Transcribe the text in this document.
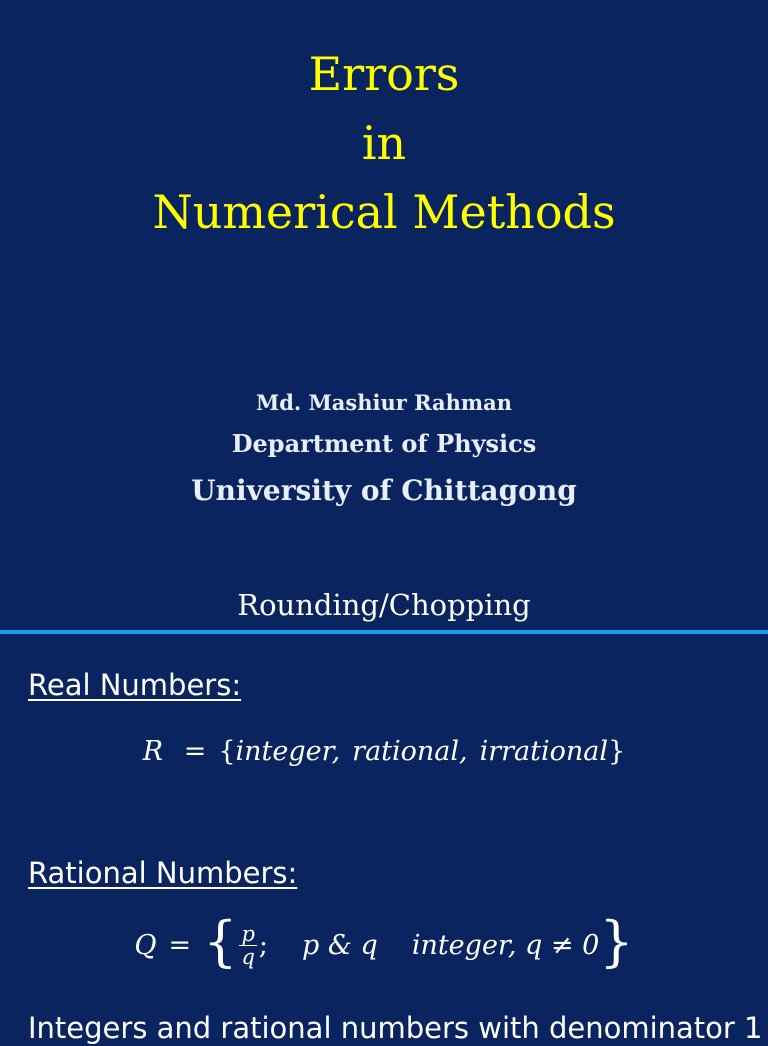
Errors
in
Numerical Methods
Md. Mashiur Rahman
Department of Physics
University of Chittagong
Rounding/Chopping
Real Numbers:
R = {integer, rational, irrational}
Rational Numbers:
Q = { $\frac{p}{q}$ ; p & q integer, q ≠ 0 }
Integers and rational numbers with denominator 1
